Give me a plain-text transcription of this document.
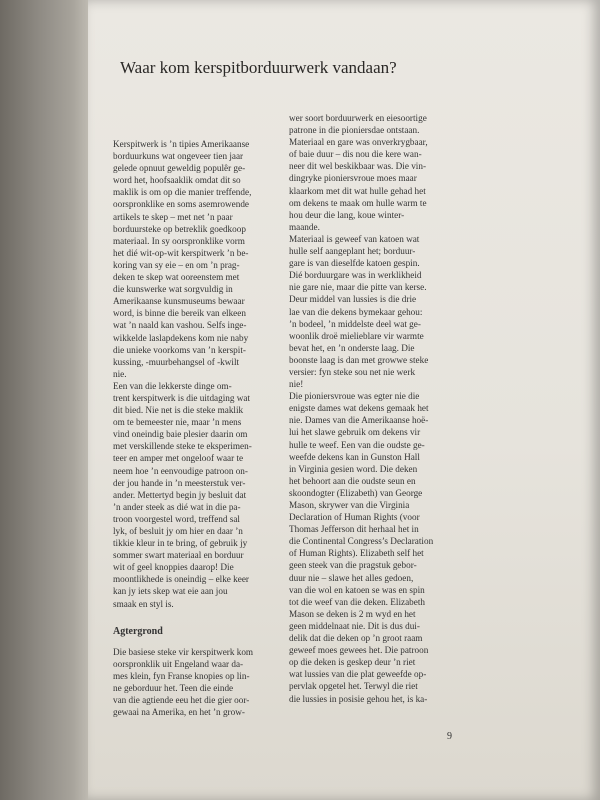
Waar kom kerspitborduurwerk vandaan?
Kerspitwerk is ’n tipies Amerikaanse
borduurkuns wat ongeveer tien jaar
gelede opnuut geweldig populêr ge-
word het, hoofsaaklik omdat dit so
maklik is om op die manier treffende,
oorspronklike en soms asemrowende
artikels te skep – met net ’n paar
borduursteke op betreklik goedkoop
materiaal. In sy oorspronklike vorm
het dié wit-op-wit kerspitwerk ’n be-
koring van sy eie – en om ’n prag-
deken te skep wat ooreenstem met
die kunswerke wat sorgvuldig in
Amerikaanse kunsmuseums bewaar
word, is binne die bereik van elkeen
wat ’n naald kan vashou. Selfs inge-
wikkelde laslapdekens kom nie naby
die unieke voorkoms van ’n kerspit-
kussing, -muurbehangsel of -kwilt
nie.
Een van die lekkerste dinge om-
trent kerspitwerk is die uitdaging wat
dit bied. Nie net is die steke maklik
om te bemeester nie, maar ’n mens
vind oneindig baie plesier daarin om
met verskillende steke te eksperimen-
teer en amper met ongeloof waar te
neem hoe ’n eenvoudige patroon on-
der jou hande in ’n meesterstuk ver-
ander. Mettertyd begin jy besluit dat
’n ander steek as dié wat in die pa-
troon voorgestel word, treffend sal
lyk, of besluit jy om hier en daar ’n
tikkie kleur in te bring, of gebruik jy
sommer swart materiaal en borduur
wit of geel knoppies daarop! Die
moontlikhede is oneindig – elke keer
kan jy iets skep wat eie aan jou
smaak en styl is.
Agtergrond
Die basiese steke vir kerspitwerk kom
oorspronklik uit Engeland waar da-
mes klein, fyn Franse knopies op lin-
ne geborduur het. Teen die einde
van die agtiende eeu het die gier oor-
gewaai na Amerika, en het ’n grow-
wer soort borduurwerk en eiesoortige
patrone in die pioniersdae ontstaan.
Materiaal en gare was onverkrygbaar,
of baie duur – dis nou die kere wan-
neer dit wel beskikbaar was. Die vin-
dingryke pioniersvroue moes maar
klaarkom met dit wat hulle gehad het
om dekens te maak om hulle warm te
hou deur die lang, koue winter-
maande.
Materiaal is geweef van katoen wat
hulle self aangeplant het; borduur-
gare is van dieselfde katoen gespin.
Dié borduurgare was in werklikheid
nie gare nie, maar die pitte van kerse.
Deur middel van lussies is die drie
lae van die dekens bymekaar gehou:
’n bodeel, ’n middelste deel wat ge-
woonlik droë mielieblare vir warmte
bevat het, en ’n onderste laag. Die
boonste laag is dan met growwe steke
versier: fyn steke sou net nie werk
nie!
Die pioniersvroue was egter nie die
enigste dames wat dekens gemaak het
nie. Dames van die Amerikaanse hoë-
lui het slawe gebruik om dekens vir
hulle te weef. Een van die oudste ge-
weefde dekens kan in Gunston Hall
in Virginia gesien word. Die deken
het behoort aan die oudste seun en
skoondogter (Elizabeth) van George
Mason, skrywer van die Virginia
Declaration of Human Rights (voor
Thomas Jefferson dit herhaal het in
die Continental Congress’s Declaration
of Human Rights). Elizabeth self het
geen steek van die pragstuk gebor-
duur nie – slawe het alles gedoen,
van die wol en katoen se was en spin
tot die weef van die deken. Elizabeth
Mason se deken is 2 m wyd en het
geen middelnaat nie. Dit is dus dui-
delik dat die deken op ’n groot raam
geweef moes gewees het. Die patroon
op die deken is geskep deur ’n riet
wat lussies van die plat geweefde op-
pervlak opgetel het. Terwyl die riet
die lussies in posisie gehou het, is ka-
9
